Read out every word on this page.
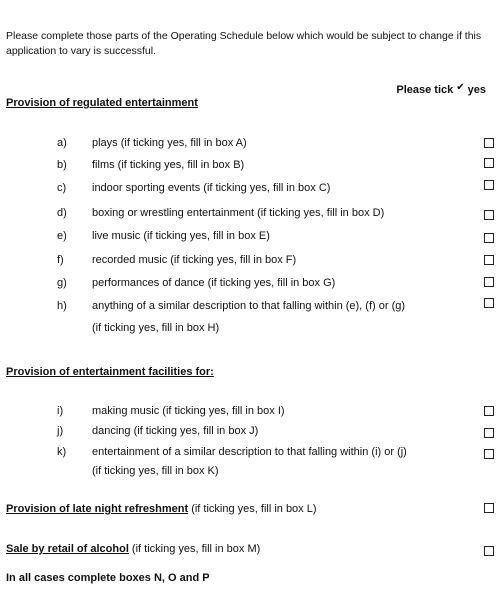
Please complete those parts of the Operating Schedule below which would be subject to change if this application to vary is successful.
Please tick ✔ yes
Provision of regulated entertainment
a) plays (if ticking yes, fill in box A)
b) films (if ticking yes, fill in box B)
c) indoor sporting events (if ticking yes, fill in box C)
d) boxing or wrestling entertainment (if ticking yes, fill in box D)
e) live music (if ticking yes, fill in box E)
f)	recorded music (if ticking yes, fill in box F)
g) performances of dance (if ticking yes, fill in box G)
h) anything of a similar description to that falling within (e), (f) or (g)
(if ticking yes, fill in box H)
Provision of entertainment facilities for:
i)	making music (if ticking yes, fill in box I)
j)	dancing (if ticking yes, fill in box J)
k) entertainment of a similar description to that falling within (i) or (j)
(if ticking yes, fill in box K)
Provision of late night refreshment (if ticking yes, fill in box L)
Sale by retail of alcohol (if ticking yes, fill in box M)
In all cases complete boxes N, O and P
